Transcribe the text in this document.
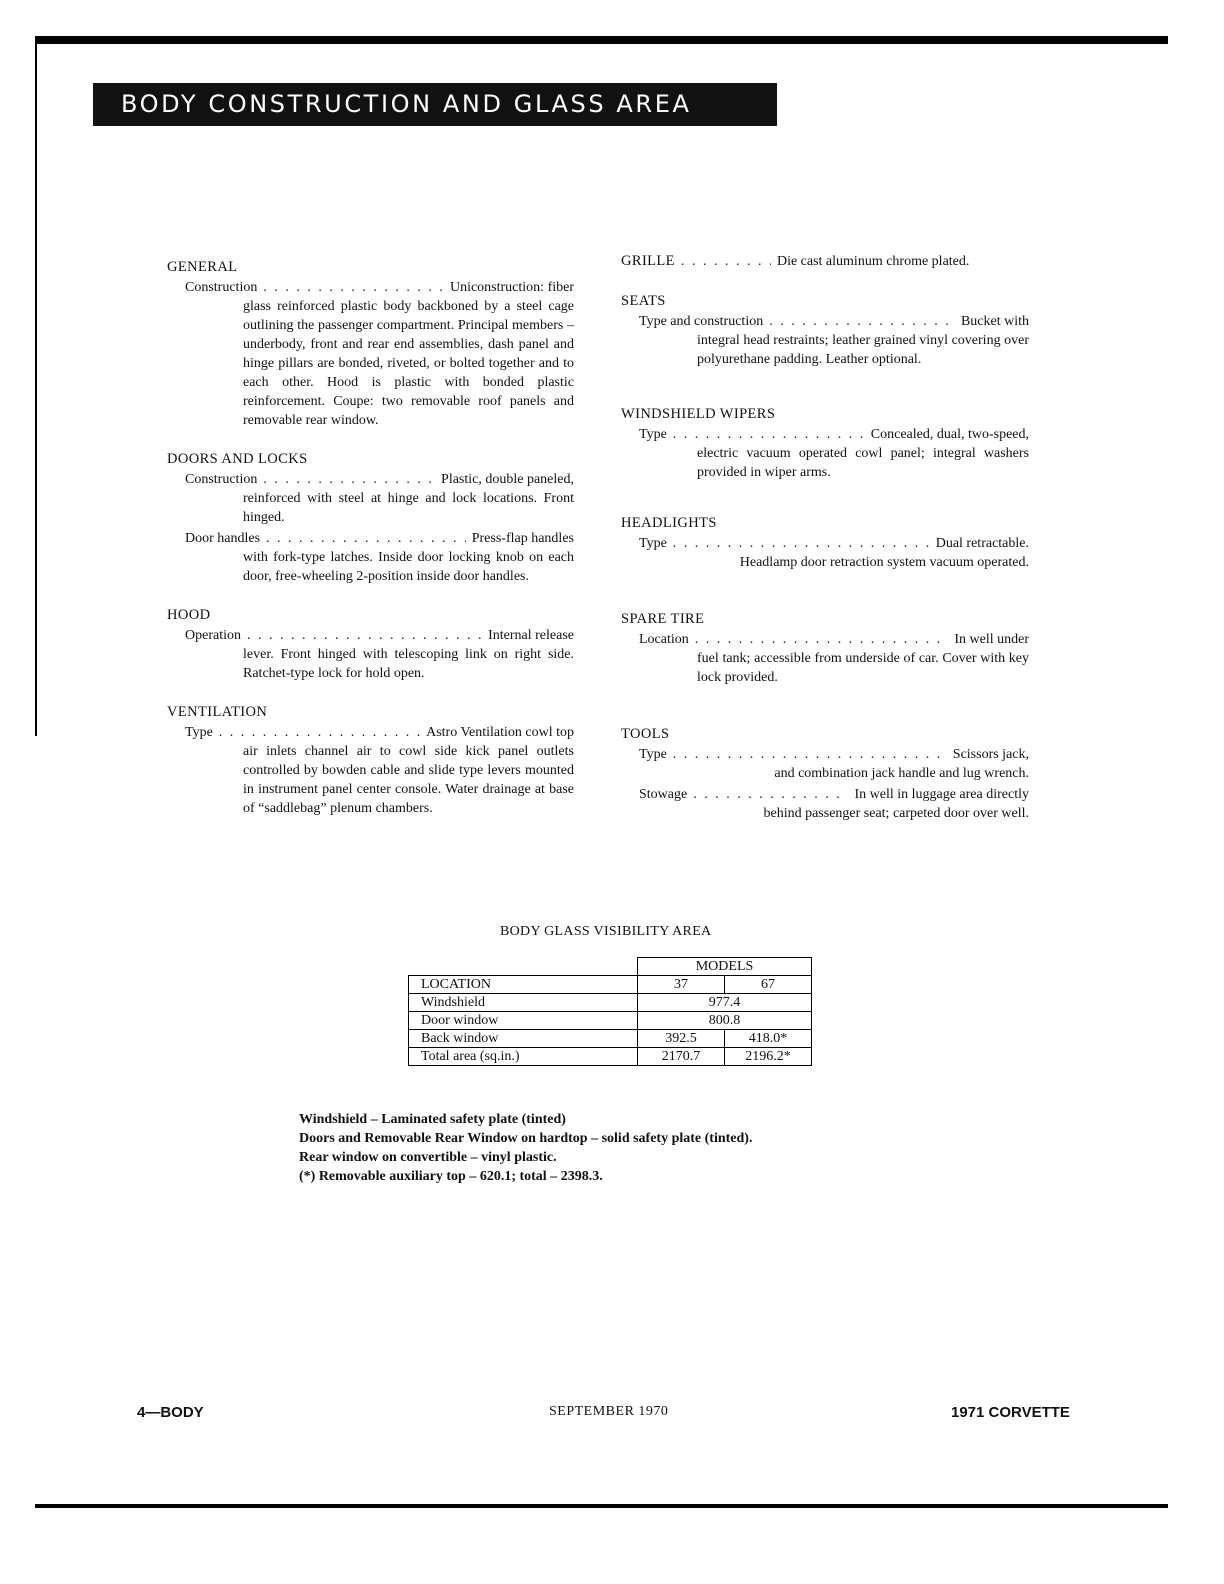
BODY CONSTRUCTION AND GLASS AREA
GENERAL
Construction . . .	Uniconstruction: fiber
glass reinforced plastic body backboned by a steel cage outlining the passenger compartment. Principal members – underbody, front and rear end assemblies, dash panel and hinge pillars are bonded, riveted, or bolted together and to each other. Hood is plastic with bonded plastic reinforcement. Coupe: two removable roof panels and removable rear window.
DOORS AND LOCKS
Construction . . .	Plastic, double paneled,
reinforced with steel at hinge and lock locations. Front hinged.
Door handles . . .	Press-flap handles
with fork-type latches. Inside door locking knob on each door, free-wheeling 2-position inside door handles.
HOOD
Operation . . .	Internal release
lever. Front hinged with telescoping link on right side. Ratchet-type lock for hold open.
VENTILATION
Type . . .	Astro Ventilation cowl top
air inlets channel air to cowl side kick panel outlets controlled by bowden cable and slide type levers mounted in instrument panel center console. Water drainage at base of “saddlebag” plenum chambers.
GRILLE . . .	Die cast aluminum chrome plated.
SEATS
Type and construction . . .	Bucket with
integral head restraints; leather grained vinyl covering over polyurethane padding. Leather optional.
WINDSHIELD WIPERS
Type . . .	Concealed, dual, two-speed,
electric vacuum operated cowl panel; integral washers provided in wiper arms.
HEADLIGHTS
Type . . .	Dual retractable.
Headlamp door retraction system vacuum operated.
SPARE TIRE
Location . . .	In well under
fuel tank; accessible from underside of car. Cover with key lock provided.
TOOLS
Type . . .	Scissors jack,
and combination jack handle and lug wrench.
Stowage . . .	In well in luggage area directly
behind passenger seat; carpeted door over well.
BODY GLASS VISIBILITY AREA
	MODELS	
LOCATION	37	67
Windshield	977.4	
Door window	800.8	
Back window	392.5	418.0*
Total area (sq.in.)	2170.7	2196.2*
Windshield – Laminated safety plate (tinted)
Doors and Removable Rear Window on hardtop – solid safety plate (tinted).
Rear window on convertible – vinyl plastic.
(*) Removable auxiliary top – 620.1; total – 2398.3.
4—BODY	SEPTEMBER 1970	1971 CORVETTE
